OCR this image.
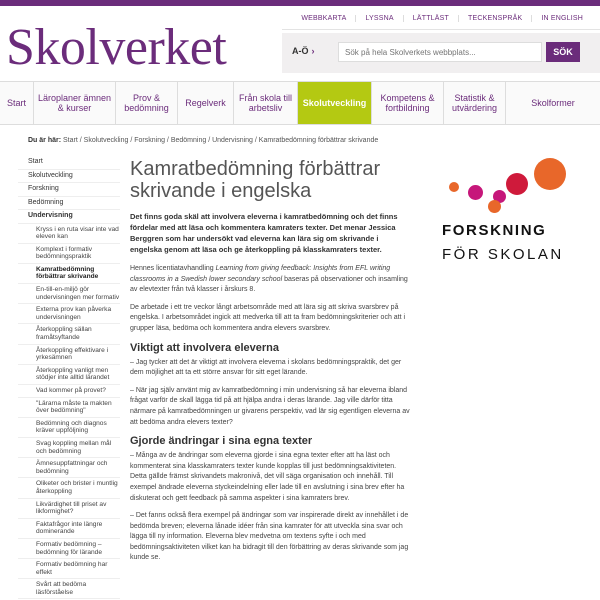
Skolverket
WEBBKARTA	LYSSNA	LÄTTLÄST	TECKENSPRÅK	IN ENGLISH
A-Ö ›
Sök på hela Skolverkets webbplats...	SÖK
Start	Läroplaner ämnen & kurser
Prov & bedömning	Regelverk	Från skola till arbetsliv	Skolutveckling	Kompetens & fortbildning
Statistik & utvärdering	Skolformer
Du är här: Start / Skolutveckling / Forskning / Bedömning / Undervisning / Kamratbedömning förbättrar skrivande
Start
Skolutveckling
Forskning
Bedömning
Undervisning
Kryss i en ruta visar inte vad eleven kan
Komplext i formativ bedömningspraktik
Kamratbedömning förbättrar skrivande
En-till-en-miljö gör undervisningen mer formativ
Externa prov kan påverka undervisningen
Återkoppling sällan framåtsyftande
Återkoppling effektivare i yrkesämnen
Återkoppling vanligt men stödjer inte alltid lärandet
Vad kommer på provet?
"Lärarna måste ta makten över bedömning"
Bedömning och diagnos kräver uppföljning
Svag koppling mellan mål och bedömning
Ämnesuppfattningar och bedömning
Oliketer och brister i muntlig återkoppling
Likvärdighet till priset av likformighet?
Faktafrågor inte längre dominerande
Formativ bedömning – bedömning för lärande
Formativ bedömning har effekt
Svårt att bedöma läsförståelse
Kamratbedömning förbättrar skrivande i engelska

Det finns goda skäl att involvera eleverna i kamratbedömning och det finns fördelar med att läsa och kommentera kamraters texter. Det menar Jessica Berggren som har undersökt vad eleverna kan lära sig om skrivande i engelska genom att läsa och ge återkoppling på klasskamraters texter.

Hennes licentiatavhandling Learning from giving feedback: Insights from EFL writing classrooms in a Swedish lower secondary school baseras på observationer och insamling av elevtexter från två klasser i årskurs 8.

De arbetade i ett tre veckor långt arbetsområde med att lära sig att skriva svarsbrev på engelska. I arbetsområdet ingick att medverka till att ta fram bedömningskriterier och att i grupper läsa, bedöma och kommentera andra elevers svarsbrev.

Viktigt att involvera eleverna

– Jag tycker att det är viktigt att involvera eleverna i skolans bedömningspraktik, det ger dem möjlighet att ta ett större ansvar för sitt eget lärande.

– När jag själv använt mig av kamratbedömning i min undervisning så har eleverna ibland frågat varför de skall lägga tid på att hjälpa andra i deras lärande. Jag ville därför titta närmare på kamratbedömningen ur givarens perspektiv, vad lär sig egentligen eleverna av att bedöma andra elevers texter?

Gjorde ändringar i sina egna texter

– Många av de ändringar som eleverna gjorde i sina egna texter efter att ha läst och kommenterat sina klasskamraters texter kunde kopplas till just bedömningsaktiviteten. Detta gällde främst skrivandets makronivå, det vill säga organisation och innehåll. Till exempel ändrade eleverna styckeindelning eller lade till en avslutning i sina brev efter ha diskuterat och gett feedback på samma aspekter i sina kamraters brev.

– Det fanns också flera exempel på ändringar som var inspirerade direkt av innehållet i de bedömda breven; eleverna lånade idéer från sina kamrater för att utveckla sina svar och lägga till ny information. Eleverna blev medvetna om textens syfte i och med bedömningsaktiviteten vilket kan ha bidragit till den förbättring av deras skrivande som jag kunde se.

FORSKNING
FÖR SKOLAN
